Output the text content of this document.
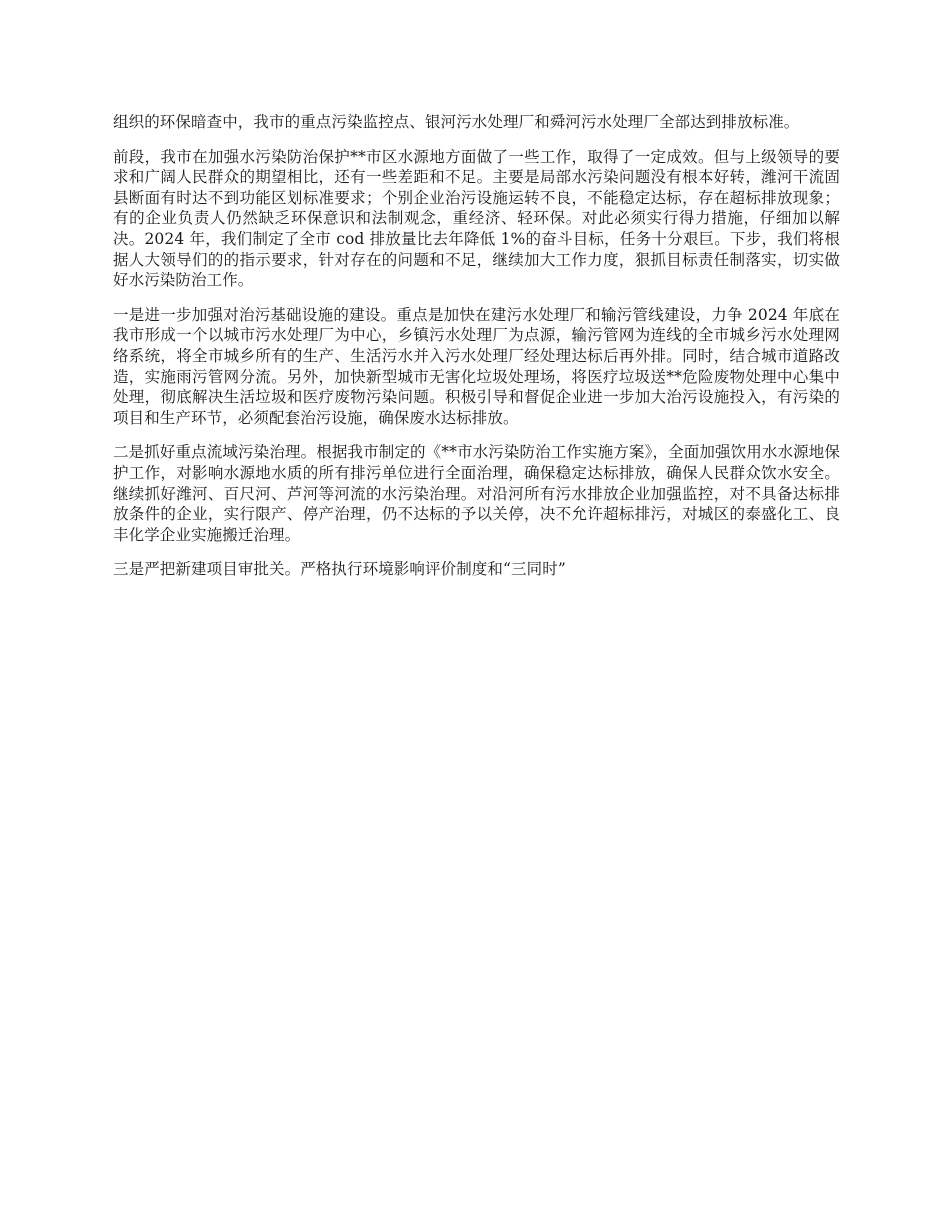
组织的环保暗查中，我市的重点污染监控点、银河污水处理厂和舜河污水处理厂全部达到排放标准。

前段，我市在加强水污染防治保护**市区水源地方面做了一些工作，取得了一定成效。但与上级领导的要求和广阔人民群众的期望相比，还有一些差距和不足。主要是局部水污染问题没有根本好转，潍河干流固县断面有时达不到功能区划标准要求；个别企业治污设施运转不良，不能稳定达标，存在超标排放现象；有的企业负责人仍然缺乏环保意识和法制观念，重经济、轻环保。对此必须实行得力措施，仔细加以解决。2024 年，我们制定了全市 cod 排放量比去年降低 1%的奋斗目标，任务十分艰巨。下步，我们将根据人大领导们的的指示要求，针对存在的问题和不足，继续加大工作力度，狠抓目标责任制落实，切实做好水污染防治工作。

一是进一步加强对治污基础设施的建设。重点是加快在建污水处理厂和输污管线建设，力争 2024 年底在我市形成一个以城市污水处理厂为中心，乡镇污水处理厂为点源，输污管网为连线的全市城乡污水处理网络系统，将全市城乡所有的生产、生活污水并入污水处理厂经处理达标后再外排。同时，结合城市道路改造，实施雨污管网分流。另外，加快新型城市无害化垃圾处理场，将医疗垃圾送**危险废物处理中心集中处理，彻底解决生活垃圾和医疗废物污染问题。积极引导和督促企业进一步加大治污设施投入，有污染的项目和生产环节，必须配套治污设施，确保废水达标排放。

二是抓好重点流域污染治理。根据我市制定的《**市水污染防治工作实施方案》，全面加强饮用水水源地保护工作，对影响水源地水质的所有排污单位进行全面治理，确保稳定达标排放，确保人民群众饮水安全。继续抓好潍河、百尺河、芦河等河流的水污染治理。对沿河所有污水排放企业加强监控，对不具备达标排放条件的企业，实行限产、停产治理，仍不达标的予以关停，决不允许超标排污，对城区的泰盛化工、良丰化学企业实施搬迁治理。

三是严把新建项目审批关。严格执行环境影响评价制度和“三同时”
